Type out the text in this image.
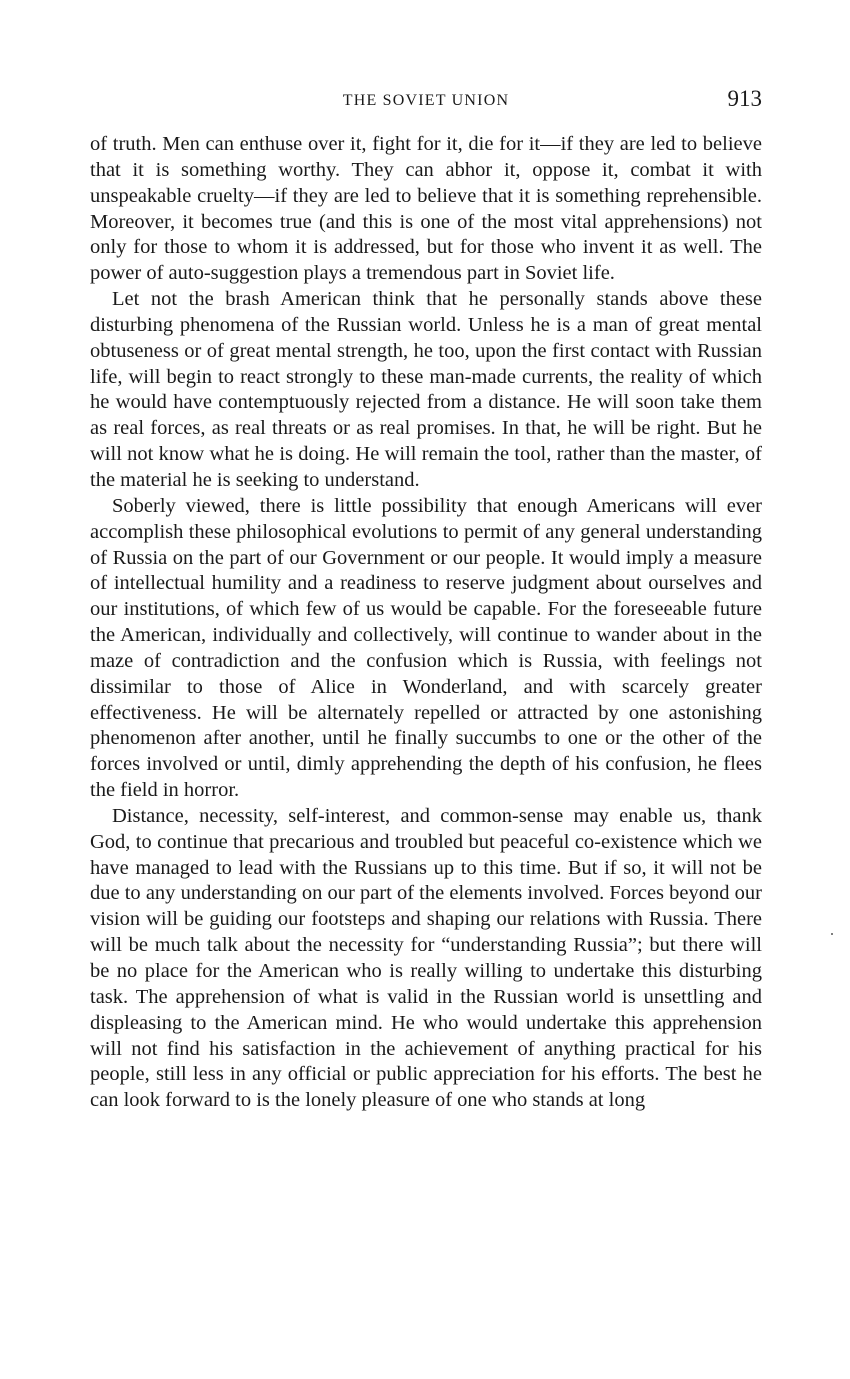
THE SOVIET UNION	913

of truth. Men can enthuse over it, fight for it, die for it—if they are led to believe that it is something worthy. They can abhor it, oppose it, combat it with unspeakable cruelty—if they are led to believe that it is something reprehensible. Moreover, it becomes true (and this is one of the most vital apprehensions) not only for those to whom it is addressed, but for those who invent it as well. The power of auto-suggestion plays a tremendous part in Soviet life.

Let not the brash American think that he personally stands above these disturbing phenomena of the Russian world. Unless he is a man of great mental obtuseness or of great mental strength, he too, upon the first contact with Russian life, will begin to react strongly to these man-made currents, the reality of which he would have contemptuously rejected from a distance. He will soon take them as real forces, as real threats or as real promises. In that, he will be right. But he will not know what he is doing. He will remain the tool, rather than the master, of the material he is seeking to understand.

Soberly viewed, there is little possibility that enough Americans will ever accomplish these philosophical evolutions to permit of any general understanding of Russia on the part of our Government or our people. It would imply a measure of intellectual humility and a readiness to reserve judgment about ourselves and our institutions, of which few of us would be capable. For the foreseeable future the American, individually and collectively, will continue to wander about in the maze of contradiction and the confusion which is Russia, with feelings not dissimilar to those of Alice in Wonderland, and with scarcely greater effectiveness. He will be alternately repelled or attracted by one astonishing phenomenon after another, until he finally succumbs to one or the other of the forces involved or until, dimly apprehending the depth of his confusion, he flees the field in horror.

Distance, necessity, self-interest, and common-sense may enable us, thank God, to continue that precarious and troubled but peaceful co-existence which we have managed to lead with the Russians up to this time. But if so, it will not be due to any understanding on our part of the elements involved. Forces beyond our vision will be guiding our footsteps and shaping our relations with Russia. There will be much talk about the necessity for “understanding Russia”; but there will be no place for the American who is really willing to undertake this disturbing task. The apprehension of what is valid in the Russian world is unsettling and displeasing to the American mind. He who would undertake this apprehension will not find his satisfaction in the achievement of anything practical for his people, still less in any official or public appreciation for his efforts. The best he can look forward to is the lonely pleasure of one who stands at long
